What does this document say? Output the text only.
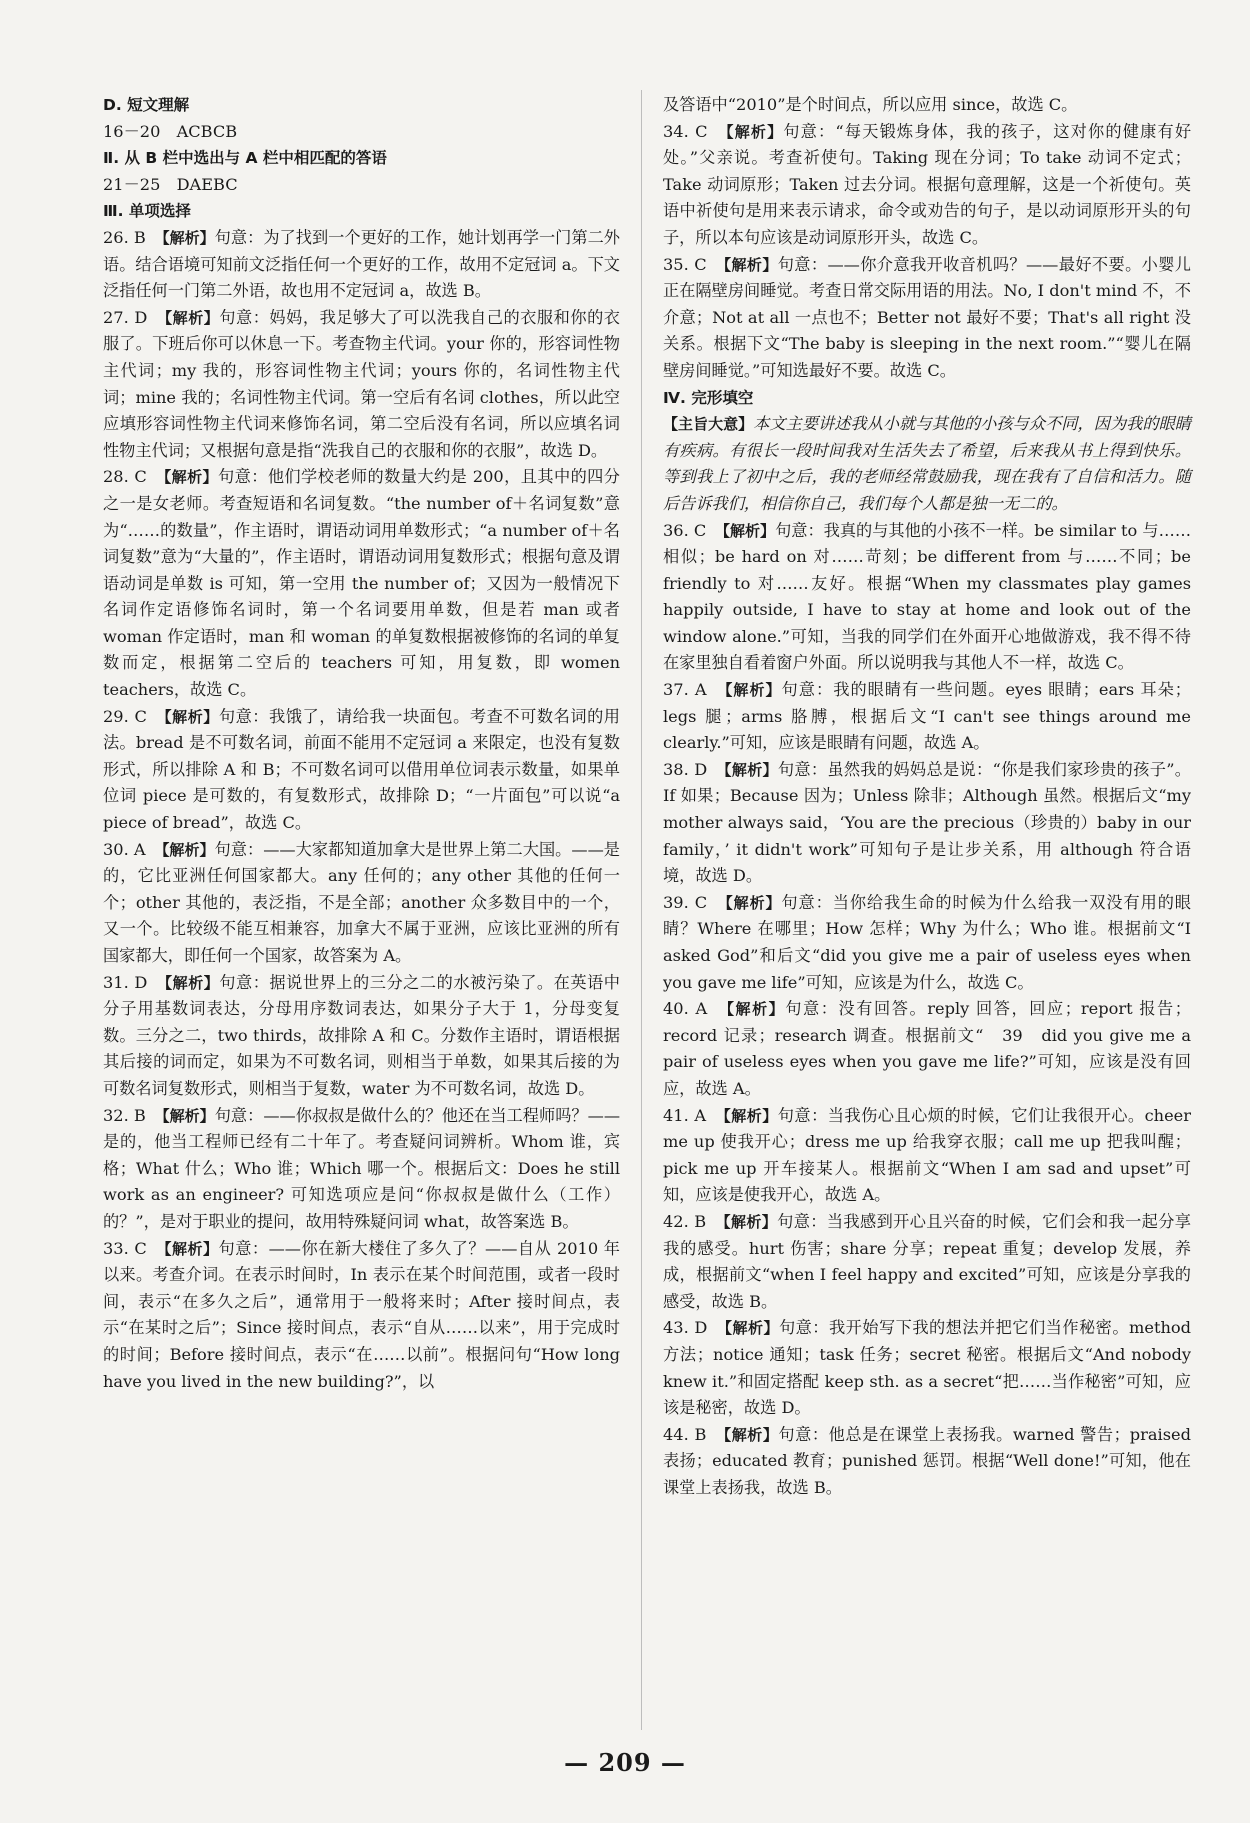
D. 短文理解
16－20　ACBCB
Ⅱ. 从 B 栏中选出与 A 栏中相匹配的答语
21－25　DAEBC
Ⅲ. 单项选择

26. B　 【解析】句意：为了找到一个更好的工作，她计划再学一门第二外语。结合语境可知前文泛指任何一个更好的工作，故用不定冠词 a。下文泛指任何一门第二外语，故也用不定冠词 a，故选 B。

27. D　 【解析】句意：妈妈，我足够大了可以洗我自己的衣服和你的衣服了。下班后你可以休息一下。考查物主代词。your 你的，形容词性物主代词；my 我的，形容词性物主代词；yours 你的，名词性物主代词；mine 我的；名词性物主代词。第一空后有名词 clothes，所以此空应填形容词性物主代词来修饰名词，第二空后没有名词，所以应填名词性物主代词；又根据句意是指“洗我自己的衣服和你的衣服”，故选 D。

28. C　 【解析】句意：他们学校老师的数量大约是 200，且其中的四分之一是女老师。考查短语和名词复数。“the number of＋名词复数”意为“……的数量”，作主语时，谓语动词用单数形式；“a number of＋名词复数”意为“大量的”，作主语时，谓语动词用复数形式；根据句意及谓语动词是单数 is 可知，第一空用 the number of；又因为一般情况下名词作定语修饰名词时，第一个名词要用单数，但是若 man 或者 woman 作定语时，man 和 woman 的单复数根据被修饰的名词的单复数而定，根据第二空后的 teachers 可知，用复数，即 women teachers，故选 C。

29. C　 【解析】句意：我饿了，请给我一块面包。考查不可数名词的用法。bread 是不可数名词，前面不能用不定冠词 a 来限定，也没有复数形式，所以排除 A 和 B；不可数名词可以借用单位词表示数量，如果单位词 piece 是可数的，有复数形式，故排除 D；“一片面包”可以说“a piece of bread”，故选 C。

30. A　 【解析】句意：——大家都知道加拿大是世界上第二大国。——是的，它比亚洲任何国家都大。any 任何的；any other 其他的任何一个；other 其他的，表泛指，不是全部；another 众多数目中的一个，又一个。比较级不能互相兼容，加拿大不属于亚洲，应该比亚洲的所有国家都大，即任何一个国家，故答案为 A。

31. D　 【解析】句意：据说世界上的三分之二的水被污染了。在英语中分子用基数词表达，分母用序数词表达，如果分子大于 1，分母变复数。三分之二，two thirds，故排除 A 和 C。分数作主语时，谓语根据其后接的词而定，如果为不可数名词，则相当于单数，如果其后接的为可数名词复数形式，则相当于复数，water 为不可数名词，故选 D。

32. B　 【解析】句意：——你叔叔是做什么的？他还在当工程师吗？——是的，他当工程师已经有二十年了。考查疑问词辨析。Whom 谁，宾格；What 什么；Who 谁；Which 哪一个。根据后文：Does he still work as an engineer? 可知选项应是问“你叔叔是做什么（工作）的？”，是对于职业的提问，故用特殊疑问词 what，故答案选 B。

33. C　 【解析】句意：——你在新大楼住了多久了？——自从 2010 年以来。考查介词。在表示时间时，In 表示在某个时间范围，或者一段时间，表示“在多久之后”，通常用于一般将来时；After 接时间点，表示“在某时之后”；Since 接时间点，表示“自从……以来”，用于完成时的时间；Before 接时间点，表示“在……以前”。根据问句“How long have you lived in the new building?”，以

及答语中“2010”是个时间点，所以应用 since，故选 C。

34. C　 【解析】句意：“每天锻炼身体，我的孩子，这对你的健康有好处。”父亲说。考查祈使句。Taking 现在分词；To take 动词不定式；Take 动词原形；Taken 过去分词。根据句意理解，这是一个祈使句。英语中祈使句是用来表示请求，命令或劝告的句子，是以动词原形开头的句子，所以本句应该是动词原形开头，故选 C。

35. C　 【解析】句意：——你介意我开收音机吗？——最好不要。小婴儿正在隔壁房间睡觉。考查日常交际用语的用法。No, I don't mind 不，不介意；Not at all 一点也不；Better not 最好不要；That's all right 没关系。根据下文“The baby is sleeping in the next room.”“婴儿在隔壁房间睡觉。”可知选最好不要。故选 C。

Ⅳ. 完形填空

【主旨大意】本文主要讲述我从小就与其他的小孩与众不同，因为我的眼睛有疾病。有很长一段时间我对生活失去了希望，后来我从书上得到快乐。等到我上了初中之后，我的老师经常鼓励我，现在我有了自信和活力。随后告诉我们，相信你自己，我们每个人都是独一无二的。

36. C　 【解析】句意：我真的与其他的小孩不一样。be similar to 与……相似；be hard on 对……苛刻；be different from 与……不同；be friendly to 对……友好。根据“When my classmates play games happily outside, I have to stay at home and look out of the window alone.”可知，当我的同学们在外面开心地做游戏，我不得不待在家里独自看着窗户外面。所以说明我与其他人不一样，故选 C。

37. A　 【解析】句意：我的眼睛有一些问题。eyes 眼睛；ears 耳朵；legs 腿；arms 胳膊，根据后文“I can't see things around me clearly.”可知，应该是眼睛有问题，故选 A。

38. D　 【解析】句意：虽然我的妈妈总是说：“你是我们家珍贵的孩子”。If 如果；Because 因为；Unless 除非；Although 虽然。根据后文“my mother always said，‘You are the precious（珍贵的）baby in our family，’ it didn't work”可知句子是让步关系，用 although 符合语境，故选 D。

39. C　 【解析】句意：当你给我生命的时候为什么给我一双没有用的眼睛？Where 在哪里；How 怎样；Why 为什么；Who 谁。根据前文“I asked God”和后文“did you give me a pair of useless eyes when you gave me life”可知，应该是为什么，故选 C。

40. A　 【解析】句意：没有回答。reply 回答，回应；report 报告；record 记录；research 调查。根据前文“　39　did you give me a pair of useless eyes when you gave me life?”可知，应该是没有回应，故选 A。

41. A　 【解析】句意：当我伤心且心烦的时候，它们让我很开心。cheer me up 使我开心；dress me up 给我穿衣服；call me up 把我叫醒；pick me up 开车接某人。根据前文“When I am sad and upset”可知，应该是使我开心，故选 A。

42. B　 【解析】句意：当我感到开心且兴奋的时候，它们会和我一起分享我的感受。hurt 伤害；share 分享；repeat 重复；develop 发展，养成，根据前文“when I feel happy and excited”可知，应该是分享我的感受，故选 B。

43. D　 【解析】句意：我开始写下我的想法并把它们当作秘密。method 方法；notice 通知；task 任务；secret 秘密。根据后文“And nobody knew it.”和固定搭配 keep sth. as a secret“把……当作秘密”可知，应该是秘密，故选 D。

44. B　 【解析】句意：他总是在课堂上表扬我。warned 警告；praised 表扬；educated 教育；punished 惩罚。根据“Well done!”可知，他在课堂上表扬我，故选 B。

— 209 —
